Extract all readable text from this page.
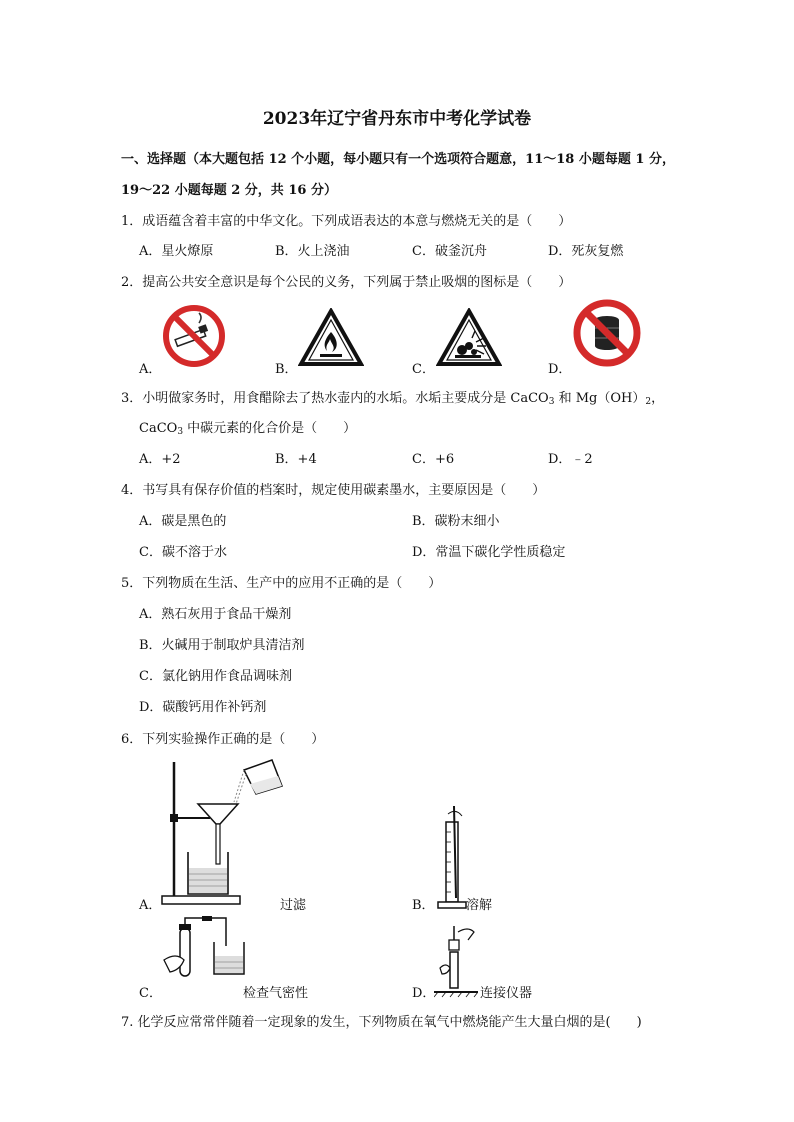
2023年辽宁省丹东市中考化学试卷
一、选择题（本大题包括 12 个小题，每小题只有一个选项符合题意，11～18 小题每题 1 分，
19～22 小题每题 2 分，共 16 分）
1．成语蕴含着丰富的中华文化。下列成语表达的本意与燃烧无关的是（　　）
A．星火燎原	B．火上浇油	C．破釜沉舟	D．死灰复燃
2．提高公共安全意识是每个公民的义务，下列属于禁止吸烟的图标是（　　）
A．	B．	C．	D．
3．小明做家务时，用食醋除去了热水壶内的水垢。水垢主要成分是 CaCO$_3$ 和 $Mg(OH)_2$，
CaCO$_3$ 中碳元素的化合价是（　　）
A．+2	B．+4	C．+6	D．﹣2
4．书写具有保存价值的档案时，规定使用碳素墨水，主要原因是（　　）
A．碳是黑色的	B．碳粉末细小
C．碳不溶于水	D．常温下碳化学性质稳定
5．下列物质在生活、生产中的应用不正确的是（　　）
A．熟石灰用于食品干燥剂
B．火碱用于制取炉具清洁剂
C．氯化钠用作食品调味剂
D．碳酸钙用作补钙剂
6．下列实验操作正确的是（　　）
A．	过滤	B． 溶解
C．	检查气密性	D．	连接仪器
7. 化学反应常常伴随着一定现象的发生，下列物质在氧气中燃烧能产生大量白烟的是(　　)
